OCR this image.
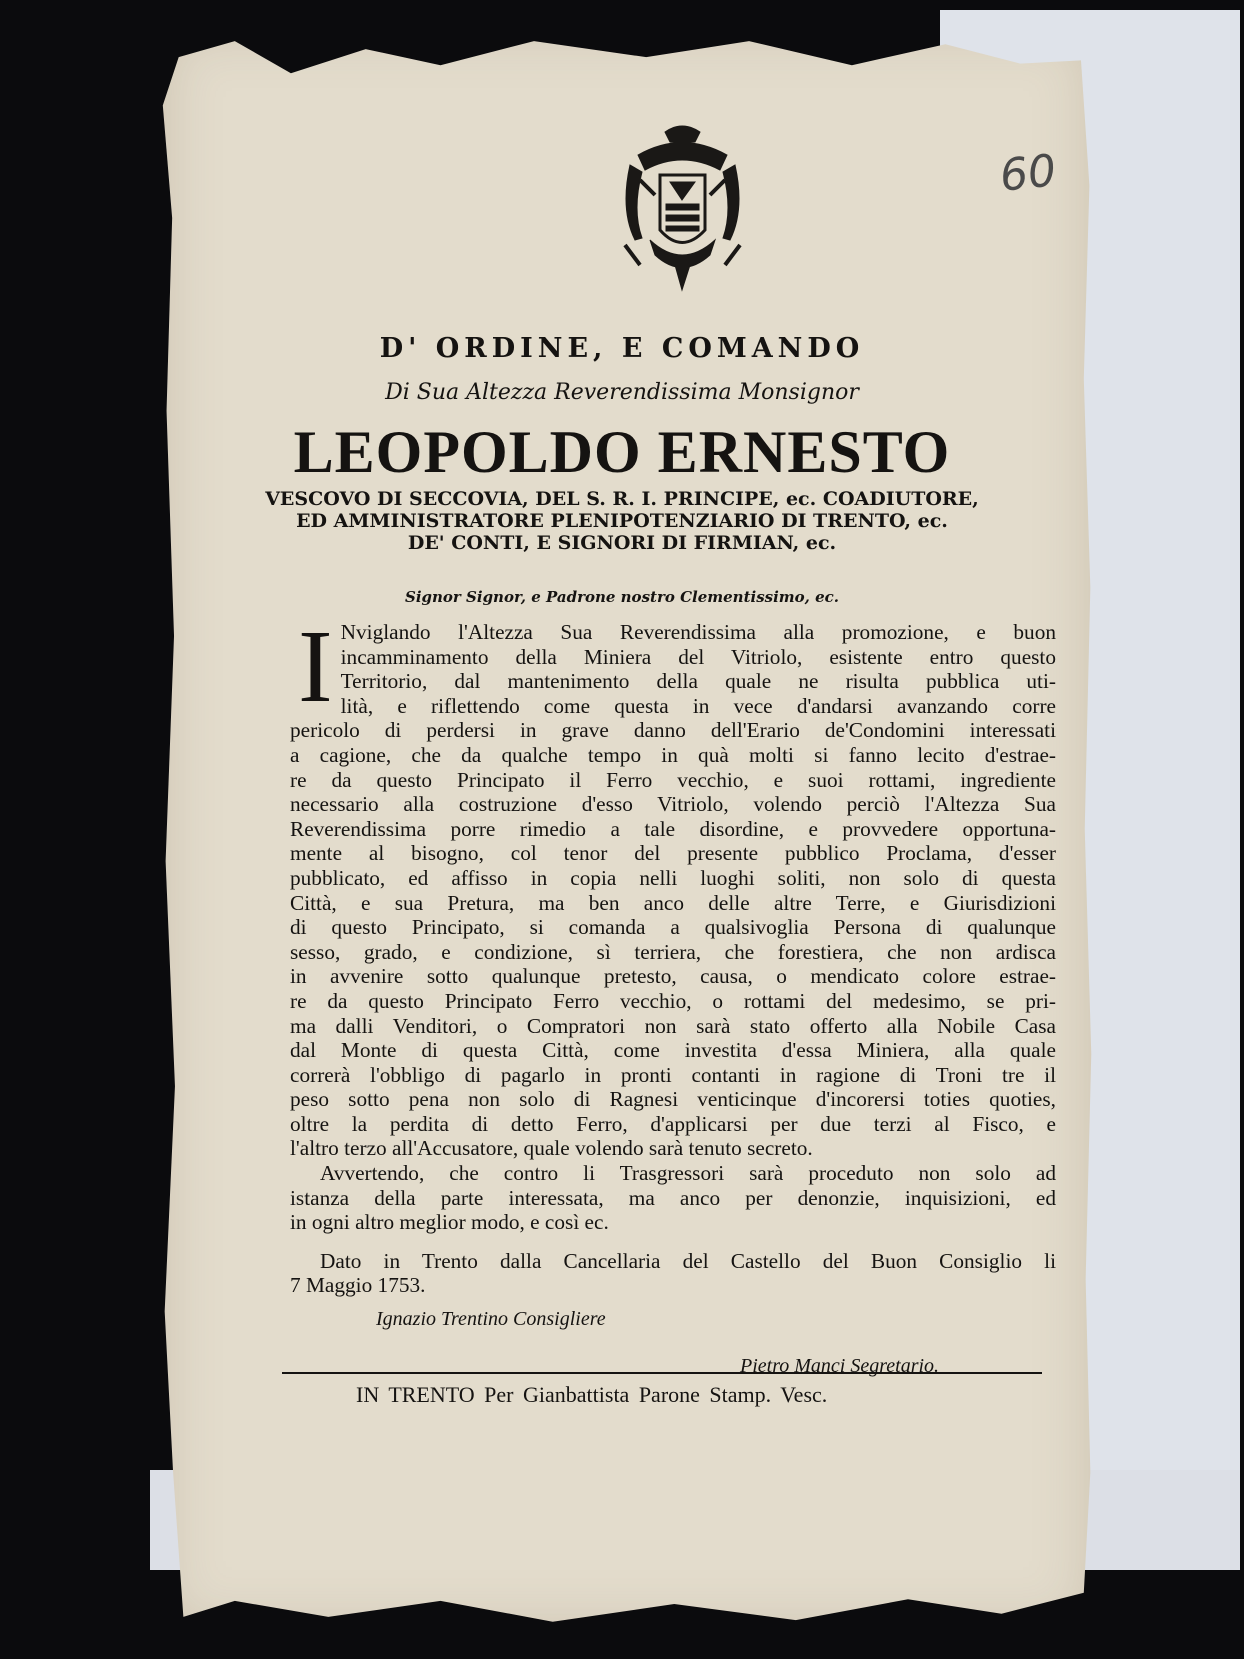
60

D' ORDINE, E COMANDO

Di Sua Altezza Reverendissima Monsignor

LEOPOLDO ERNESTO

VESCOVO DI SECCOVIA, DEL S. R. I. PRINCIPE, ec. COADIUTORE,
ED AMMINISTRATORE PLENIPOTENZIARIO DI TRENTO, ec.
DE' CONTI, E SIGNORI DI FIRMIAN, ec.

Signor Signor, e Padrone nostro Clementissimo, ec.

I Nviglando l'Altezza Sua Reverendissima alla promozione, e buon
incamminamento della Miniera del Vitriolo, esistente entro questo
Territorio, dal mantenimento della quale ne risulta pubblica uti-
lità, e riflettendo come questa in vece d'andarsi avanzando corre
pericolo di perdersi in grave danno dell'Erario de'Condomini interessati
a cagione, che da qualche tempo in quà molti si fanno lecito d'estrae-
re da questo Principato il Ferro vecchio, e suoi rottami, ingrediente
necessario alla costruzione d'esso Vitriolo, volendo perciò l'Altezza Sua
Reverendissima porre rimedio a tale disordine, e provvedere opportuna-
mente al bisogno, col tenor del presente pubblico Proclama, d'esser
pubblicato, ed affisso in copia nelli luoghi soliti, non solo di questa
Città, e sua Pretura, ma ben anco delle altre Terre, e Giurisdizioni
di questo Principato, si comanda a qualsivoglia Persona di qualunque
sesso, grado, e condizione, sì terriera, che forestiera, che non ardisca
in avvenire sotto qualunque pretesto, causa, o mendicato colore estrae-
re da questo Principato Ferro vecchio, o rottami del medesimo, se pri-
ma dalli Venditori, o Compratori non sarà stato offerto alla Nobile Casa
dal Monte di questa Città, come investita d'essa Miniera, alla quale
correrà l'obbligo di pagarlo in pronti contanti in ragione di Troni tre il
peso sotto pena non solo di Ragnesi venticinque d'incorersi toties quoties,
oltre la perdita di detto Ferro, d'applicarsi per due terzi al Fisco, e
l'altro terzo all'Accusatore, quale volendo sarà tenuto secreto.
Avvertendo, che contro li Trasgressori sarà proceduto non solo ad
istanza della parte interessata, ma anco per denonzie, inquisizioni, ed
in ogni altro meglior modo, e così ec.
Dato in Trento dalla Cancellaria del Castello del Buon Consiglio li
7 Maggio 1753.
Ignazio Trentino Consigliere
Pietro Manci Segretario.
IN TRENTO Per Gianbattista Parone Stamp. Vesc.
